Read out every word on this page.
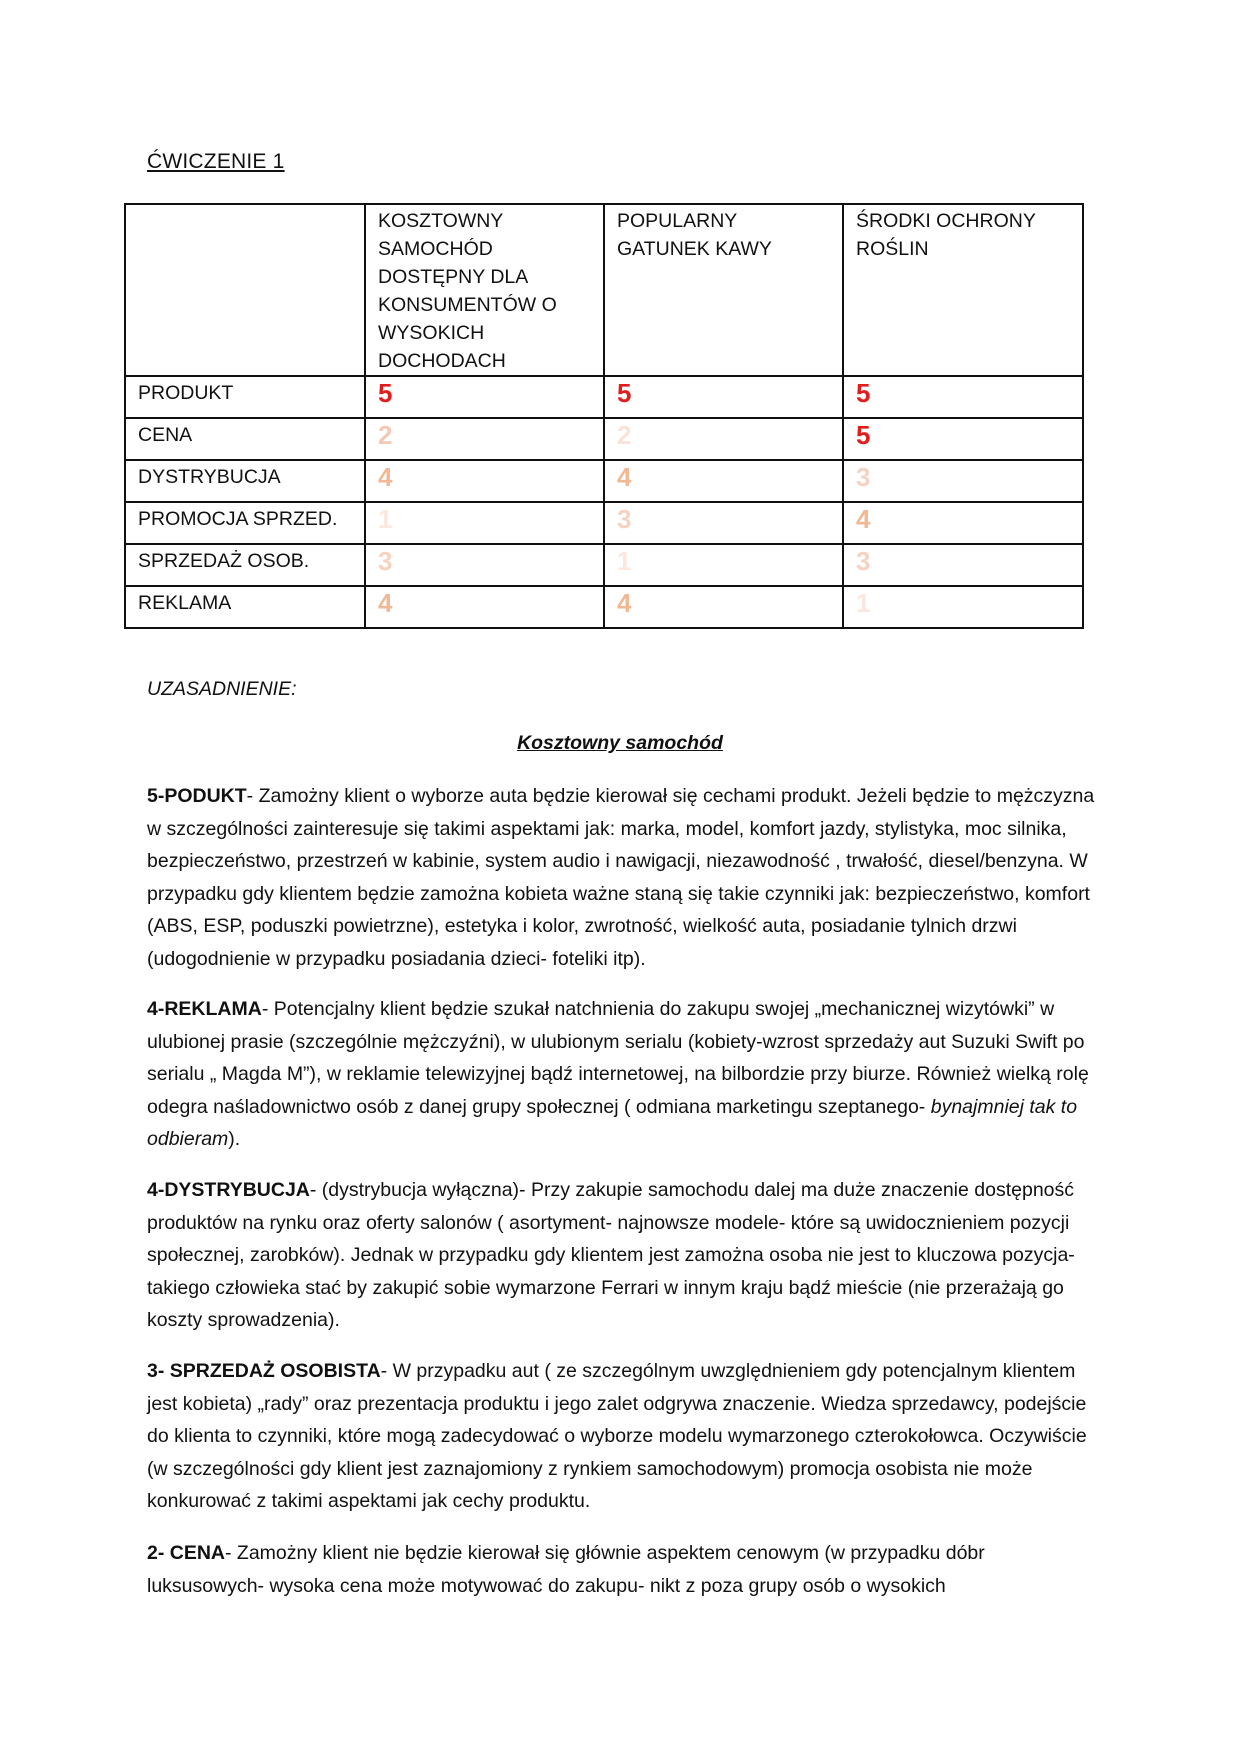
ĆWICZENIE 1
	KOSZTOWNY SAMOCHÓD DOSTĘPNY DLA KONSUMENTÓW O WYSOKICH DOCHODACH	POPULARNY GATUNEK KAWY	ŚRODKI OCHRONY ROŚLIN
PRODUKT	5	5	5
CENA	2	2	5
DYSTRYBUCJA	4	4	3
PROMOCJA SPRZED.	1	3	4
SPRZEDAŻ OSOB.	3	1	3
REKLAMA	4	4	1
UZASADNIENIE:
Kosztowny samochód
5-PODUKT- Zamożny klient o wyborze auta będzie kierował się cechami produkt. Jeżeli będzie to mężczyzna w szczególności zainteresuje się takimi aspektami jak: marka, model, komfort jazdy, stylistyka, moc silnika, bezpieczeństwo, przestrzeń w kabinie, system audio i nawigacji, niezawodność , trwałość, diesel/benzyna. W przypadku gdy klientem będzie zamożna kobieta ważne staną się takie czynniki jak: bezpieczeństwo, komfort (ABS, ESP, poduszki powietrzne), estetyka i kolor, zwrotność, wielkość auta, posiadanie tylnich drzwi (udogodnienie w przypadku posiadania dzieci- foteliki itp).
4-REKLAMA- Potencjalny klient będzie szukał natchnienia do zakupu swojej „mechanicznej wizytówki” w ulubionej prasie (szczególnie mężczyźni), w ulubionym serialu (kobiety-wzrost sprzedaży aut Suzuki Swift po serialu „ Magda M”), w reklamie telewizyjnej bądź internetowej, na bilbordzie przy biurze. Również wielką rolę odegra naśladownictwo osób z danej grupy społecznej ( odmiana marketingu szeptanego- bynajmniej tak to odbieram).
4-DYSTRYBUCJA- (dystrybucja wyłączna)- Przy zakupie samochodu dalej ma duże znaczenie dostępność produktów na rynku oraz oferty salonów ( asortyment- najnowsze modele- które są uwidocznieniem pozycji społecznej, zarobków). Jednak w przypadku gdy klientem jest zamożna osoba nie jest to kluczowa pozycja- takiego człowieka stać by zakupić sobie wymarzone Ferrari w innym kraju bądź mieście (nie przerażają go koszty sprowadzenia).
3- SPRZEDAŻ OSOBISTA- W przypadku aut ( ze szczególnym uwzględnieniem gdy potencjalnym klientem jest kobieta) „rady” oraz prezentacja produktu i jego zalet odgrywa znaczenie. Wiedza sprzedawcy, podejście do klienta to czynniki, które mogą zadecydować o wyborze modelu wymarzonego czterokołowca. Oczywiście (w szczególności gdy klient jest zaznajomiony z rynkiem samochodowym) promocja osobista nie może konkurować z takimi aspektami jak cechy produktu.
2- CENA- Zamożny klient nie będzie kierował się głównie aspektem cenowym (w przypadku dóbr luksusowych- wysoka cena może motywować do zakupu- nikt z poza grupy osób o wysokich
